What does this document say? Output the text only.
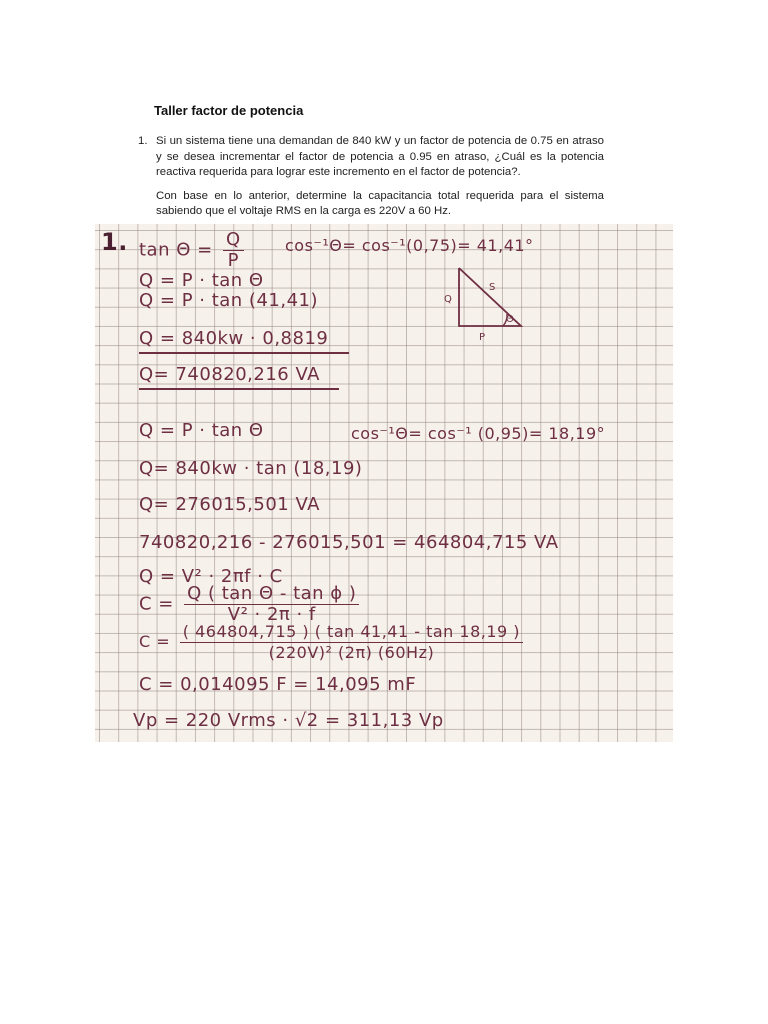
Taller factor de potencia
1. Si un sistema tiene una demandan de 840 kW y un factor de potencia de 0.75 en atraso y se desea incrementar el factor de potencia a 0.95 en atraso, ¿Cuál es la potencia reactiva requerida para lograr este incremento en el factor de potencia?.

Con base en lo anterior, determine la capacitancia total requerida para el sistema sabiendo que el voltaje RMS en la carga es 220V a 60 Hz.

1. $\tan \Theta = \frac{Q}{P}$	cos⁻¹Θ= cos⁻¹(0,75)= 41,41°
Q = P · tan Θ
Q = P · tan (41,41)	Q
P
S
Θ
Q = 840kw · 0,8819
Q= 740820,216 VA
Q = P · tan Θ	cos⁻¹Θ= cos⁻¹ (0,95)= 18,19°
Q= 840kw · tan (18,19)
Q= 276015,501 VA
740820,216 - 276015,501 = 464804,715 VA
Q = V² · 2πf · C
$C = \frac{\text{Q ( tan Θ - tan ϕ )}}{\text{V² · 2π · f}}$
$C = \frac{( 464804,715 ) ( \tan 41,41 - \tan 18,19 )}{\text{(220V)² (2π) (60Hz)}}$
C = 0,014095 F = 14,095 mF
Vp = 220 Vrms · √2 = 311,13 Vp
